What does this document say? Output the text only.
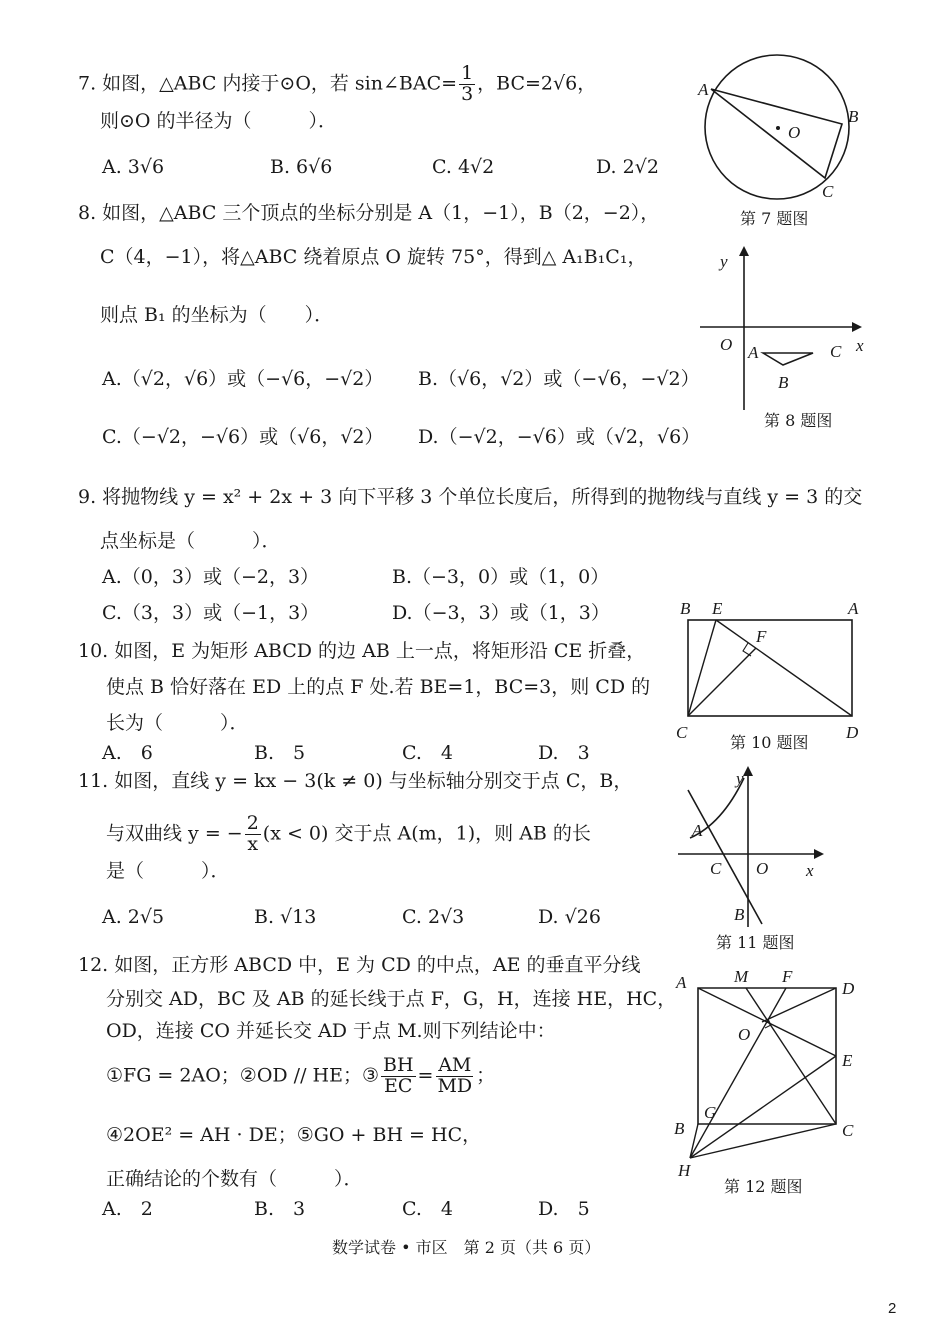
7. 如图，△ABC 内接于⊙O，若 sin∠BAC= $\frac{1}{3}$ ，BC=2√6，
则⊙O 的半径为（　　　）．
A. 3√6	B. 6√6	C. 4√2	D. 2√2
A
B
C
O
第 7 题图
8. 如图，△ABC 三个顶点的坐标分别是 A（1，−1），B（2，−2），
C（4，−1），将△ABC 绕着原点 O 旋转 75°，得到△ A₁B₁C₁，
则点 B₁ 的坐标为（　　）．
A.（√2，√6）或（−√6，−√2） B.（√6，√2）或（−√6，−√2）
C.（−√2，−√6）或（√6，√2） D.（−√2，−√6）或（√2，√6）
y
x
O A
B
C
第 8 题图
9. 将抛物线 y = x² + 2x + 3 向下平移 3 个单位长度后，所得到的抛物线与直线 y = 3 的交
点坐标是（　　　）．
A.（0，3）或（−2，3）	B.（−3，0）或（1，0）
C.（3，3）或（−1，3）	D.（−3，3）或（1，3）
10. 如图，E 为矩形 ABCD 的边 AB 上一点，将矩形沿 CE 折叠，
使点 B 恰好落在 ED 上的点 F 处.若 BE=1，BC=3，则 CD 的
长为（　　　）．
A.　6	B.　5	C.　4	D.　3
B E	A
F
C	D
第 10 题图
11. 如图，直线 y = kx − 3(k ≠ 0) 与坐标轴分别交于点 C，B，
与双曲线 y = − $\frac{2}{x} (x < 0)$ 交于点 A(m，1)，则 AB 的长
是（　　　）．
A. 2√5	B. √13	C. 2√3	D. √26
y
x
O
C
A
B
第 11 题图
12. 如图，正方形 ABCD 中，E 为 CD 的中点，AE 的垂直平分线
分别交 AD，BC 及 AB 的延长线于点 F，G，H，连接 HE，HC，
OD，连接 CO 并延长交 AD 于点 M.则下列结论中：
①FG = 2AO；②OD // HE；③ $\frac{BH}{EC} = \frac{AM}{MD}$ ；
④2OE² = AH · DE；⑤GO + BH = HC，
正确结论的个数有（　　　）．
A.　2	B.　3	C.　4	D.　5
A	D
M F
O
E
G
B	C
H
第 12 题图
数学试卷 • 市区　第 2 页（共 6 页）
2
